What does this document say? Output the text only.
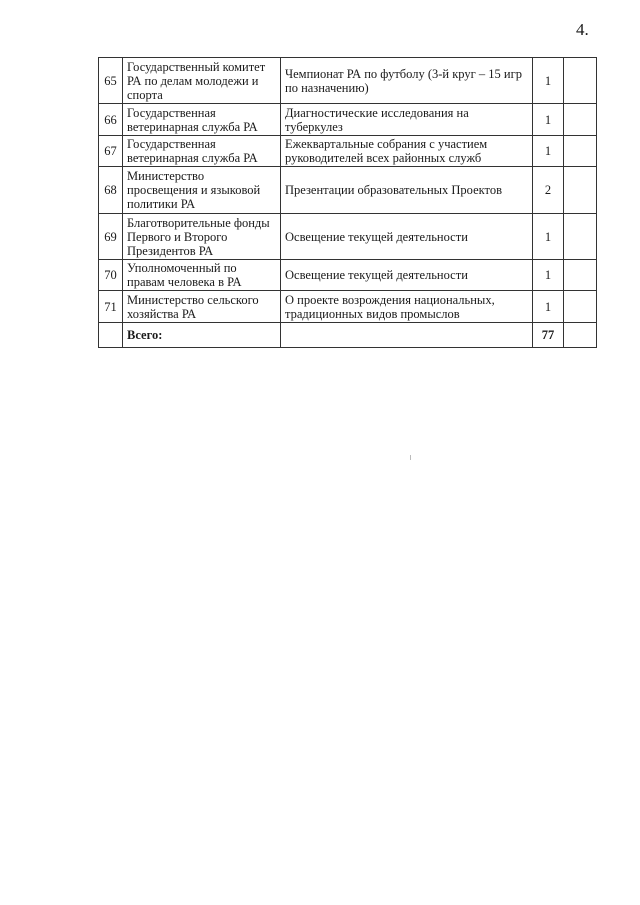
4.
65	Государственный комитет РА по делам молодежи и спорта	Чемпионат РА по футболу (3-й круг – 15 игр по назначению)	1	
66	Государственная ветеринарная служба РА	Диагностические исследования на туберкулез	1	
67	Государственная ветеринарная служба РА	Ежеквартальные собрания с участием руководителей всех районных служб	1	
68	Министерство просвещения и языковой политики РА	Презентации образовательных Проектов	2	
69	Благотворительные фонды Первого и Второго Президентов РА	Освещение текущей деятельности	1	
70	Уполномоченный по правам человека в РА	Освещение текущей деятельности	1	
71	Министерство сельского хозяйства РА	О проекте возрождения национальных, традиционных видов промыслов	1	
	Всего:		77	
